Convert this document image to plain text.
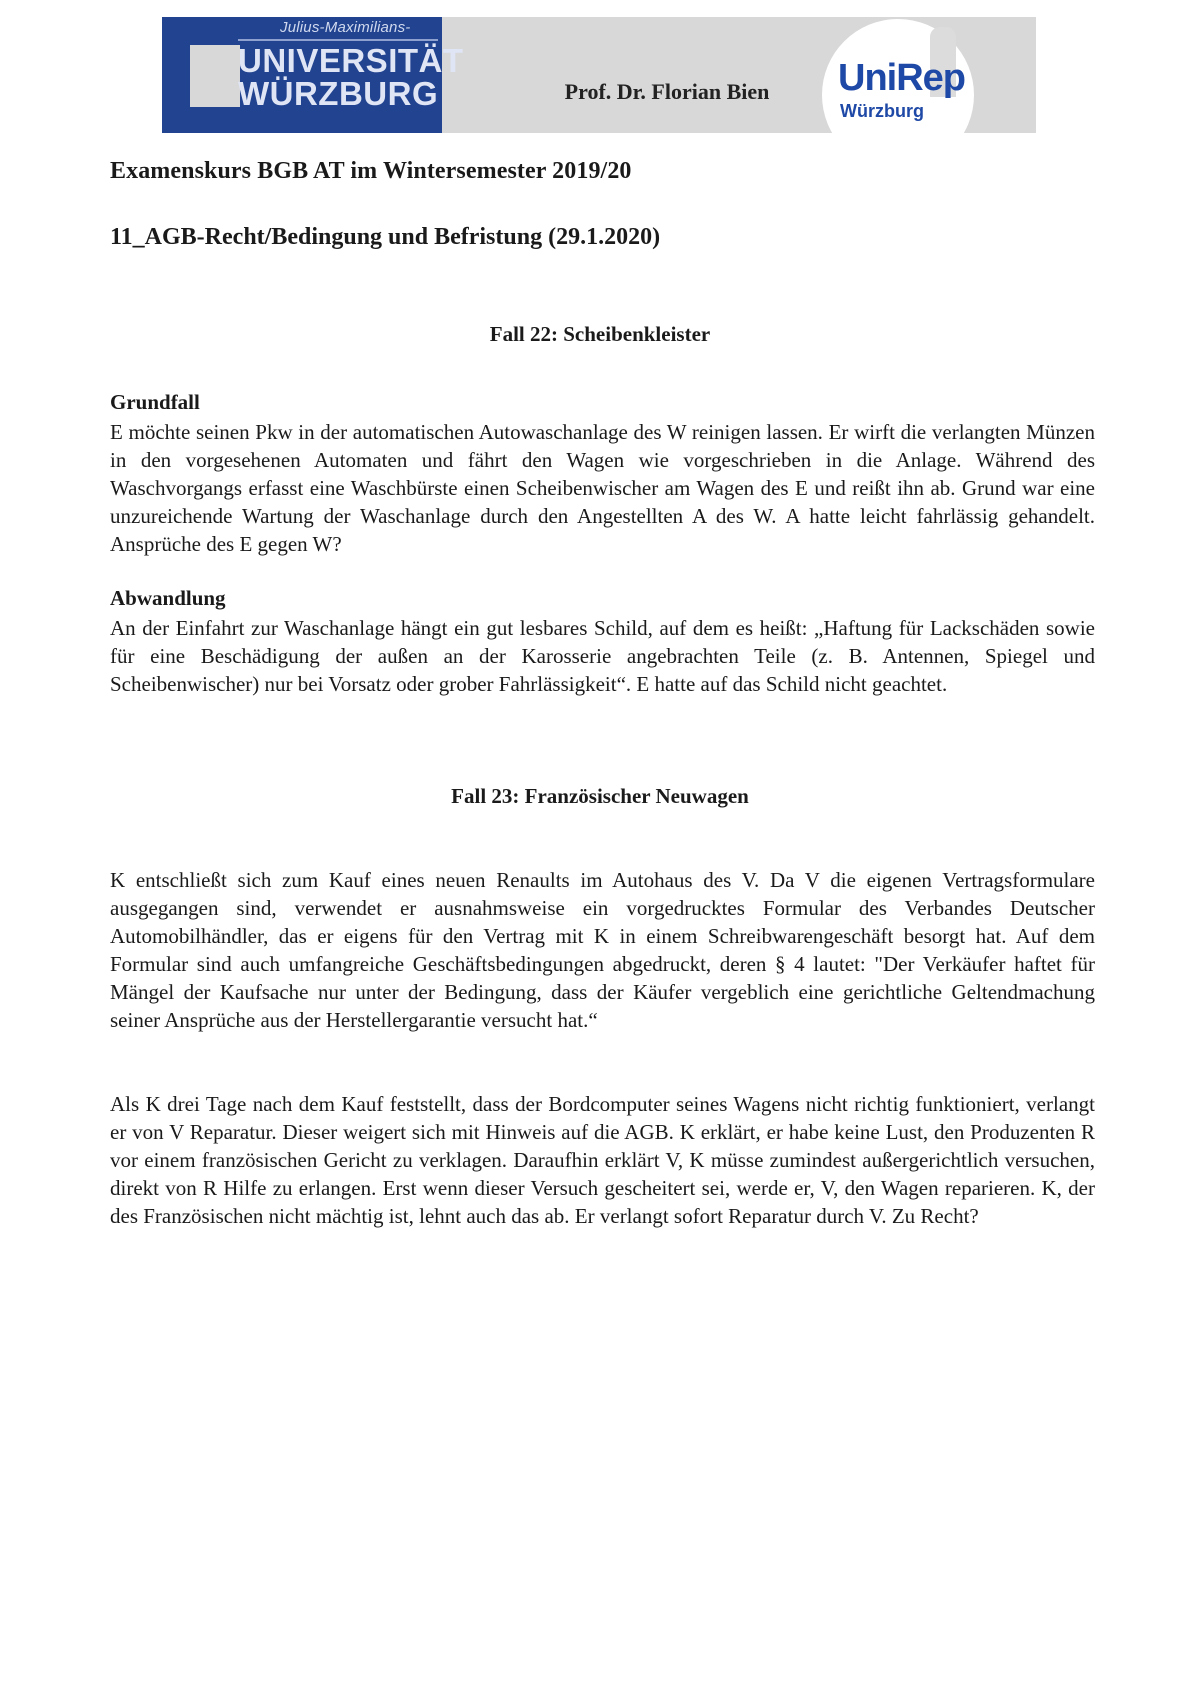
Julius-Maximilians-
UNIVERSITÄT
WÜRZBURG	Prof. Dr. Florian Bien	UniRep
Würzburg
Examenskurs BGB AT im Wintersemester 2019/20
11_AGB-Recht/Bedingung und Befristung (29.1.2020)
Fall 22: Scheibenkleister
Grundfall

E möchte seinen Pkw in der automatischen Autowaschanlage des W reinigen lassen. Er wirft die verlangten Münzen in den vorgesehenen Automaten und fährt den Wagen wie vorgeschrieben in die Anlage. Während des Waschvorgangs erfasst eine Waschbürste einen Scheibenwischer am Wagen des E und reißt ihn ab. Grund war eine unzureichende Wartung der Waschanlage durch den Angestellten A des W. A hatte leicht fahrlässig gehandelt. Ansprüche des E gegen W?

Abwandlung

An der Einfahrt zur Waschanlage hängt ein gut lesbares Schild, auf dem es heißt: „Haftung für Lackschäden sowie für eine Beschädigung der außen an der Karosserie angebrachten Teile (z. B. Antennen, Spiegel und Scheibenwischer) nur bei Vorsatz oder grober Fahrlässigkeit“. E hatte auf das Schild nicht geachtet.

Fall 23: Französischer Neuwagen

K entschließt sich zum Kauf eines neuen Renaults im Autohaus des V. Da V die eigenen Vertragsformulare ausgegangen sind, verwendet er ausnahmsweise ein vorgedrucktes Formular des Verbandes Deutscher Automobilhändler, das er eigens für den Vertrag mit K in einem Schreibwarengeschäft besorgt hat. Auf dem Formular sind auch umfangreiche Geschäftsbedingungen abgedruckt, deren § 4 lautet: "Der Verkäufer haftet für Mängel der Kaufsache nur unter der Bedingung, dass der Käufer vergeblich eine gerichtliche Geltendmachung seiner Ansprüche aus der Herstellergarantie versucht hat.“

Als K drei Tage nach dem Kauf feststellt, dass der Bordcomputer seines Wagens nicht richtig funktioniert, verlangt er von V Reparatur. Dieser weigert sich mit Hinweis auf die AGB. K erklärt, er habe keine Lust, den Produzenten R vor einem französischen Gericht zu verklagen. Daraufhin erklärt V, K müsse zumindest außergerichtlich versuchen, direkt von R Hilfe zu erlangen. Erst wenn dieser Versuch gescheitert sei, werde er, V, den Wagen reparieren. K, der des Französischen nicht mächtig ist, lehnt auch das ab. Er verlangt sofort Reparatur durch V. Zu Recht?
